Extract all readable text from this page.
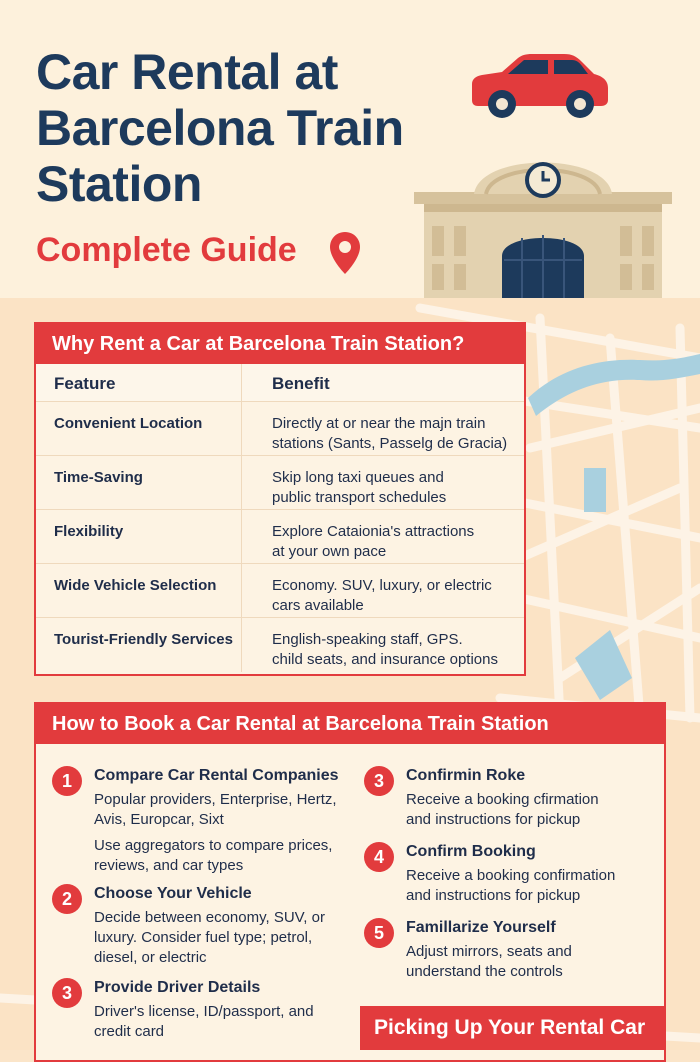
Car Rental at Barcelona Train Station
Complete Guide
Why Rent a Car at Barcelona Train Station?
Feature	Benefit
Convenient Location	Directly at or near the majn train
stations (Sants, Passelg de Gracia)
Time-Saving	Skip long taxi queues and
public transport schedules
Flexibility	Explore Cataionia's attractions
at your own pace
Wide Vehicle Selection	Economy. SUV, luxury, or electric
cars available
Tourist-Friendly Services	English-speaking staff, GPS.
child seats, and insurance options
How to Book a Car Rental at Barcelona Train Station
1	Compare Car Rental Companies
Popular providers, Enterprise, Hertz,
Avis, Europcar, Sixt
Use aggregators to compare prices,
reviews, and car types
2	Choose Your Vehicle
Decide between economy, SUV, or
luxury. Consider fuel type; petrol,
diesel, or electric
3	Provide Driver Details
Driver's license, ID/passport, and
credit card
3	Confirmin Roke
Receive a booking cfirmation
and instructions for pickup
4	Confirm Booking
Receive a booking confirmation
and instructions for pickup
5	Famillarize Yourself
Adjust mirrors, seats and
understand the controls
Picking Up Your Rental Car
